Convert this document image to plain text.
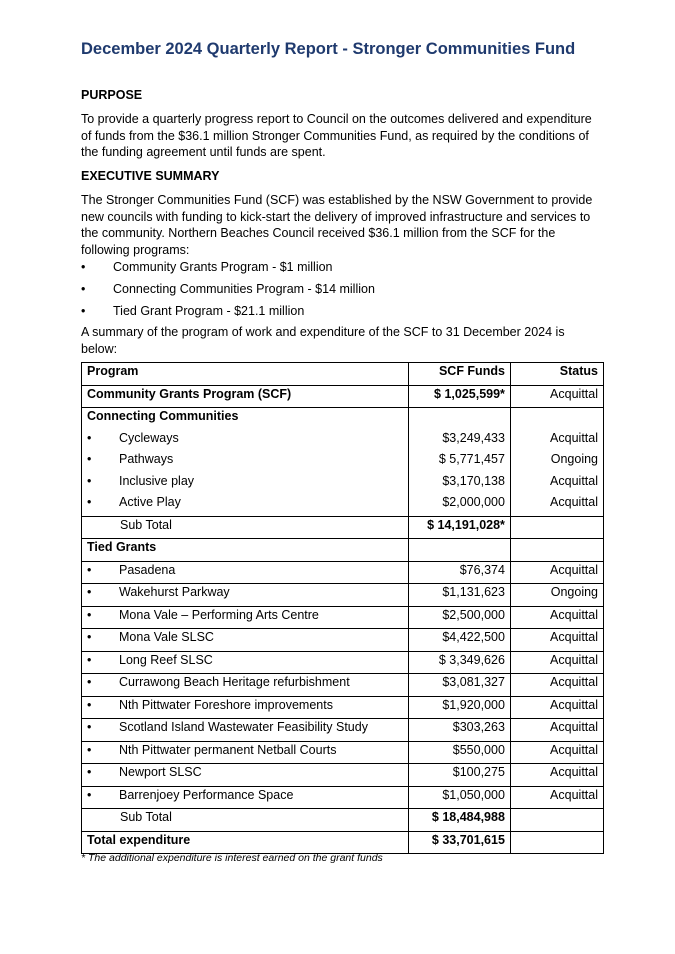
December 2024 Quarterly Report - Stronger Communities Fund

PURPOSE

To provide a quarterly progress report to Council on the outcomes delivered and expenditure of funds from the $36.1 million Stronger Communities Fund, as required by the conditions of the funding agreement until funds are spent.

EXECUTIVE SUMMARY

The Stronger Communities Fund (SCF) was established by the NSW Government to provide new councils with funding to kick-start the delivery of improved infrastructure and services to the community. Northern Beaches Council received $36.1 million from the SCF for the following programs:

•	Community Grants Program - $1 million
•	Connecting Communities Program - $14 million
•	Tied Grant Program - $21.1 million

A summary of the program of work and expenditure of the SCF to 31 December 2024 is below:

Program	SCF Funds	Status
Community Grants Program (SCF)	$ 1,025,599*	Acquittal
Connecting Communities		
• Cycleways	$3,249,433	Acquittal
• Pathways	$ 5,771,457	Ongoing
• Inclusive play	$3,170,138	Acquittal
• Active Play	$2,000,000	Acquittal
Sub Total	$ 14,191,028*	
Tied Grants		
• Pasadena	$76,374	Acquittal
• Wakehurst Parkway	$1,131,623	Ongoing
• Mona Vale – Performing Arts Centre	$2,500,000	Acquittal
• Mona Vale SLSC	$4,422,500	Acquittal
• Long Reef SLSC	$ 3,349,626	Acquittal
• Currawong Beach Heritage refurbishment	$3,081,327	Acquittal
• Nth Pittwater Foreshore improvements	$1,920,000	Acquittal
• Scotland Island Wastewater Feasibility Study	$303,263	Acquittal
• Nth Pittwater permanent Netball Courts	$550,000	Acquittal
• Newport SLSC	$100,275	Acquittal
• Barrenjoey Performance Space	$1,050,000	Acquittal
Sub Total	$ 18,484,988	
Total expenditure	$ 33,701,615	

* The additional expenditure is interest earned on the grant funds
